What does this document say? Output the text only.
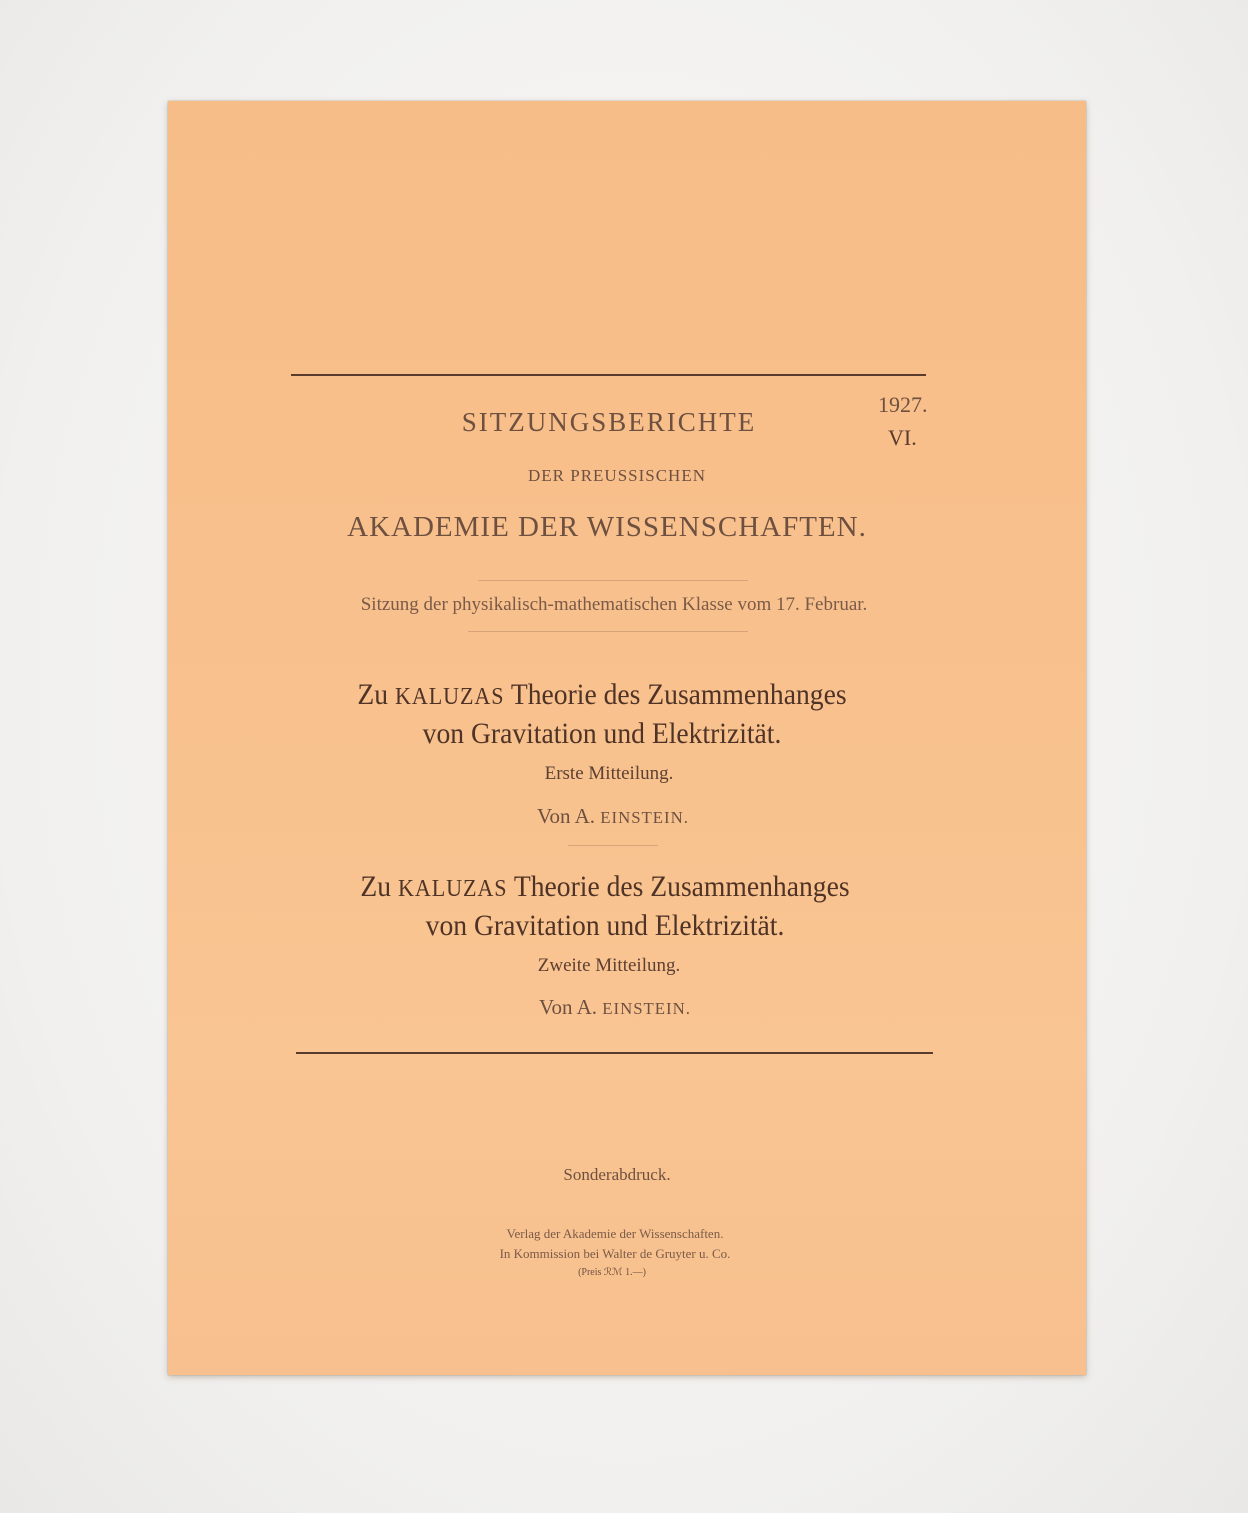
1927.

VI.

SITZUNGSBERICHTE

DER PREUSSISCHEN

AKADEMIE DER WISSENSCHAFTEN.

Sitzung der physikalisch-mathematischen Klasse vom 17. Februar.

Zu KALUZAS Theorie des Zusammenhanges

von Gravitation und Elektrizität.

Erste Mitteilung.

Von A. EINSTEIN.

Zu KALUZAS Theorie des Zusammenhanges

von Gravitation und Elektrizität.

Zweite Mitteilung.

Von A. EINSTEIN.

Sonderabdruck.

Verlag der Akademie der Wissenschaften.

In Kommission bei Walter de Gruyter u. Co.

(Preis ℛℳ 1.—)
